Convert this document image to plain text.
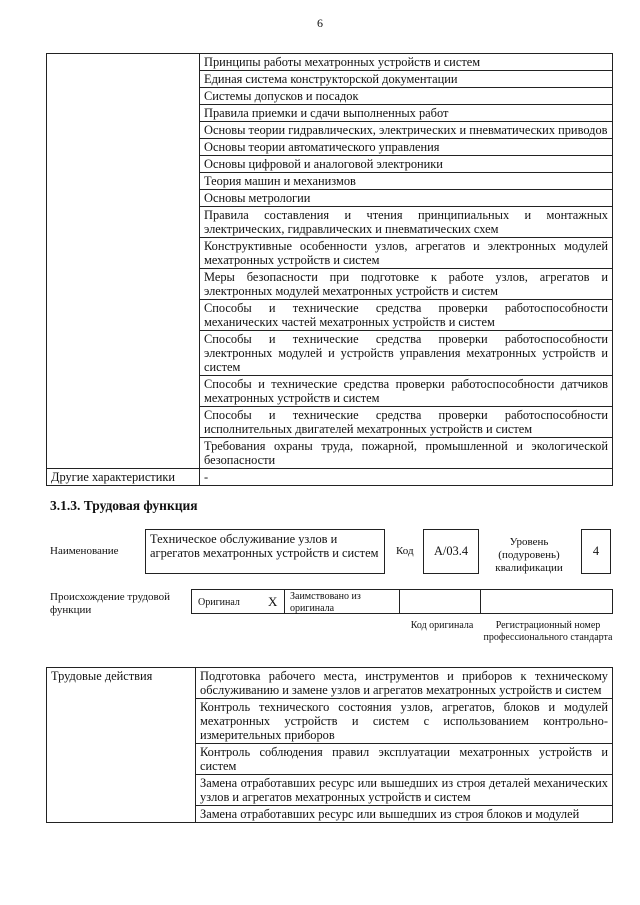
6
	Принципы работы мехатронных устройств и систем
	Единая система конструкторской документации
	Системы допусков и посадок
	Правила приемки и сдачи выполненных работ
	Основы теории гидравлических, электрических и пневматических приводов
	Основы теории автоматического управления
	Основы цифровой и аналоговой электроники
	Теория машин и механизмов
	Основы метрологии
	Правила составления и чтения принципиальных и монтажных электрических, гидравлических и пневматических схем
	Конструктивные особенности узлов, агрегатов и электронных модулей мехатронных устройств и систем
	Меры безопасности при подготовке к работе узлов, агрегатов и электронных модулей мехатронных устройств и систем
	Способы и технические средства проверки работоспособности механических частей мехатронных устройств и систем
	Способы и технические средства проверки работоспособности электронных модулей и устройств управления мехатронных устройств и систем
	Способы и технические средства проверки работоспособности датчиков мехатронных устройств и систем
	Способы и технические средства проверки работоспособности исполнительных двигателей мехатронных устройств и систем
	Требования охраны труда, пожарной, промышленной и экологической безопасности
Другие характеристики	-
3.1.3. Трудовая функция
Наименование
Техническое обслуживание узлов и агрегатов мехатронных устройств и систем	Код	А/03.4
Уровень (подуровень) квалификации
4
Происхождение трудовой функции
Оригинал X	Заимствовано из оригинала
Код оригинала	Регистрационный номер профессионального стандарта
Трудовые действия	Подготовка рабочего места, инструментов и приборов к техническому обслуживанию и замене узлов и агрегатов мехатронных устройств и систем
Контроль технического состояния узлов, агрегатов, блоков и модулей мехатронных устройств и систем с использованием контрольно-измерительных приборов
Контроль соблюдения правил эксплуатации мехатронных устройств и систем
Замена отработавших ресурс или вышедших из строя деталей механических узлов и агрегатов мехатронных устройств и систем
Замена отработавших ресурс или вышедших из строя блоков и модулей
